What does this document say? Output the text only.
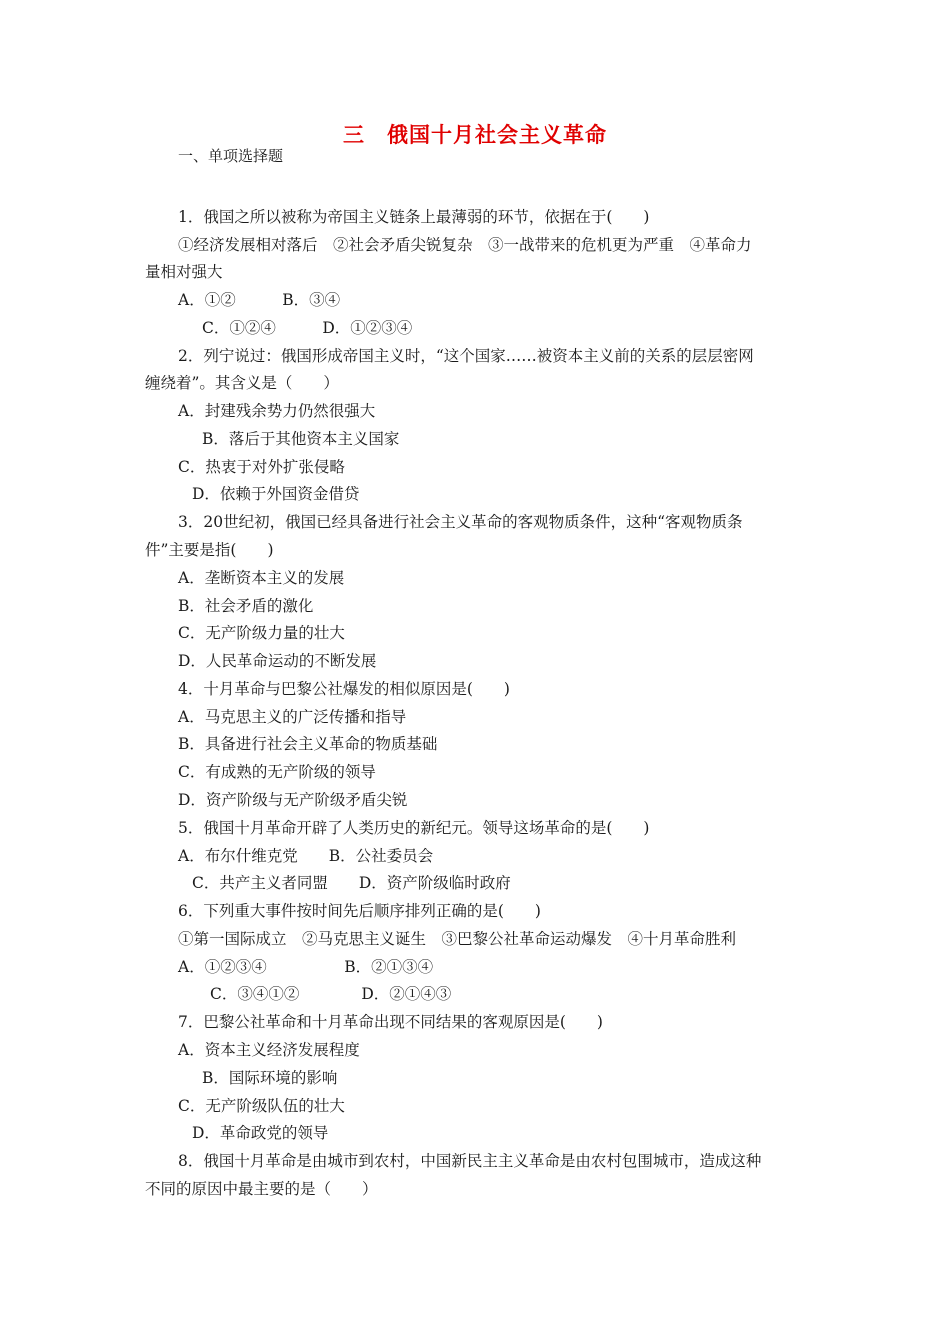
三　俄国十月社会主义革命
一、单项选择题
1．俄国之所以被称为帝国主义链条上最薄弱的环节，依据在于(　　)
①经济发展相对落后　②社会矛盾尖锐复杂　③一战带来的危机更为严重　④革命力
量相对强大
A．①②　　　B．③④
C．①②④　　　D．①②③④
2．列宁说过：俄国形成帝国主义时，“这个国家……被资本主义前的关系的层层密网
缠绕着”。其含义是（　　）
A．封建残余势力仍然很强大
B．落后于其他资本主义国家
C．热衷于对外扩张侵略
D．依赖于外国资金借贷
3．20世纪初，俄国已经具备进行社会主义革命的客观物质条件，这种“客观物质条
件”主要是指(　　)
A．垄断资本主义的发展
B．社会矛盾的激化
C．无产阶级力量的壮大
D．人民革命运动的不断发展
4．十月革命与巴黎公社爆发的相似原因是(　　)
A．马克思主义的广泛传播和指导
B．具备进行社会主义革命的物质基础
C．有成熟的无产阶级的领导
D．资产阶级与无产阶级矛盾尖锐
5．俄国十月革命开辟了人类历史的新纪元。领导这场革命的是(　　)
A．布尔什维克党　　B．公社委员会
C．共产主义者同盟　　D．资产阶级临时政府
6．下列重大事件按时间先后顺序排列正确的是(　　)
①第一国际成立　②马克思主义诞生　③巴黎公社革命运动爆发　④十月革命胜利
A．①②③④　　　　　B．②①③④
C．③④①②　　　　D．②①④③
7．巴黎公社革命和十月革命出现不同结果的客观原因是(　　)
A．资本主义经济发展程度
B．国际环境的影响
C．无产阶级队伍的壮大
D．革命政党的领导
8．俄国十月革命是由城市到农村，中国新民主主义革命是由农村包围城市，造成这种
不同的原因中最主要的是（　　）
